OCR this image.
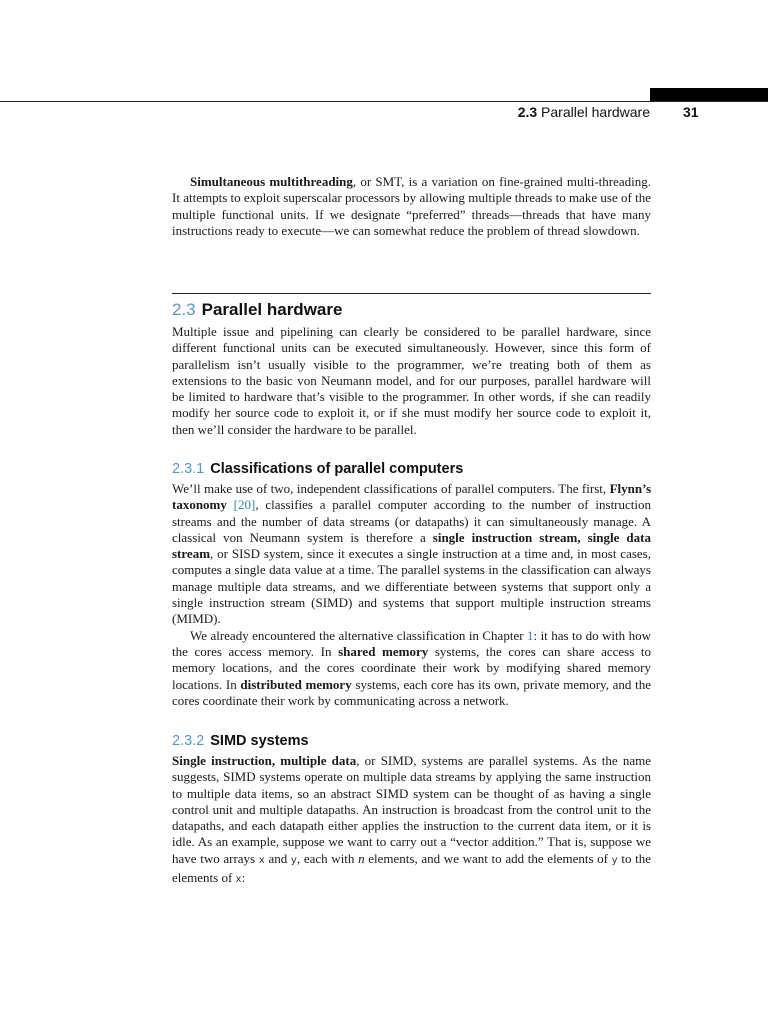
2.3 Parallel hardware 31

Simultaneous multithreading, or SMT, is a variation on fine-grained multi-threading. It attempts to exploit superscalar processors by allowing multiple threads to make use of the multiple functional units. If we designate “preferred” threads—threads that have many instructions ready to execute—we can somewhat reduce the problem of thread slowdown.

2.3 Parallel hardware

Multiple issue and pipelining can clearly be considered to be parallel hardware, since different functional units can be executed simultaneously. However, since this form of parallelism isn’t usually visible to the programmer, we’re treating both of them as extensions to the basic von Neumann model, and for our purposes, parallel hardware will be limited to hardware that’s visible to the programmer. In other words, if she can readily modify her source code to exploit it, or if she must modify her source code to exploit it, then we’ll consider the hardware to be parallel.

2.3.1 Classifications of parallel computers

We’ll make use of two, independent classifications of parallel computers. The first, Flynn’s taxonomy [20], classifies a parallel computer according to the number of instruction streams and the number of data streams (or datapaths) it can simultaneously manage. A classical von Neumann system is therefore a single instruction stream, single data stream, or SISD system, since it executes a single instruction at a time and, in most cases, computes a single data value at a time. The parallel systems in the classification can always manage multiple data streams, and we differentiate between systems that support only a single instruction stream (SIMD) and systems that support multiple instruction streams (MIMD).

We already encountered the alternative classification in Chapter 1: it has to do with how the cores access memory. In shared memory systems, the cores can share access to memory locations, and the cores coordinate their work by modifying shared memory locations. In distributed memory systems, each core has its own, private memory, and the cores coordinate their work by communicating across a network.

2.3.2 SIMD systems

Single instruction, multiple data, or SIMD, systems are parallel systems. As the name suggests, SIMD systems operate on multiple data streams by applying the same instruction to multiple data items, so an abstract SIMD system can be thought of as having a single control unit and multiple datapaths. An instruction is broadcast from the control unit to the datapaths, and each datapath either applies the instruction to the current data item, or it is idle. As an example, suppose we want to carry out a “vector addition.” That is, suppose we have two arrays x and y, each with n elements, and we want to add the elements of y to the elements of x:
